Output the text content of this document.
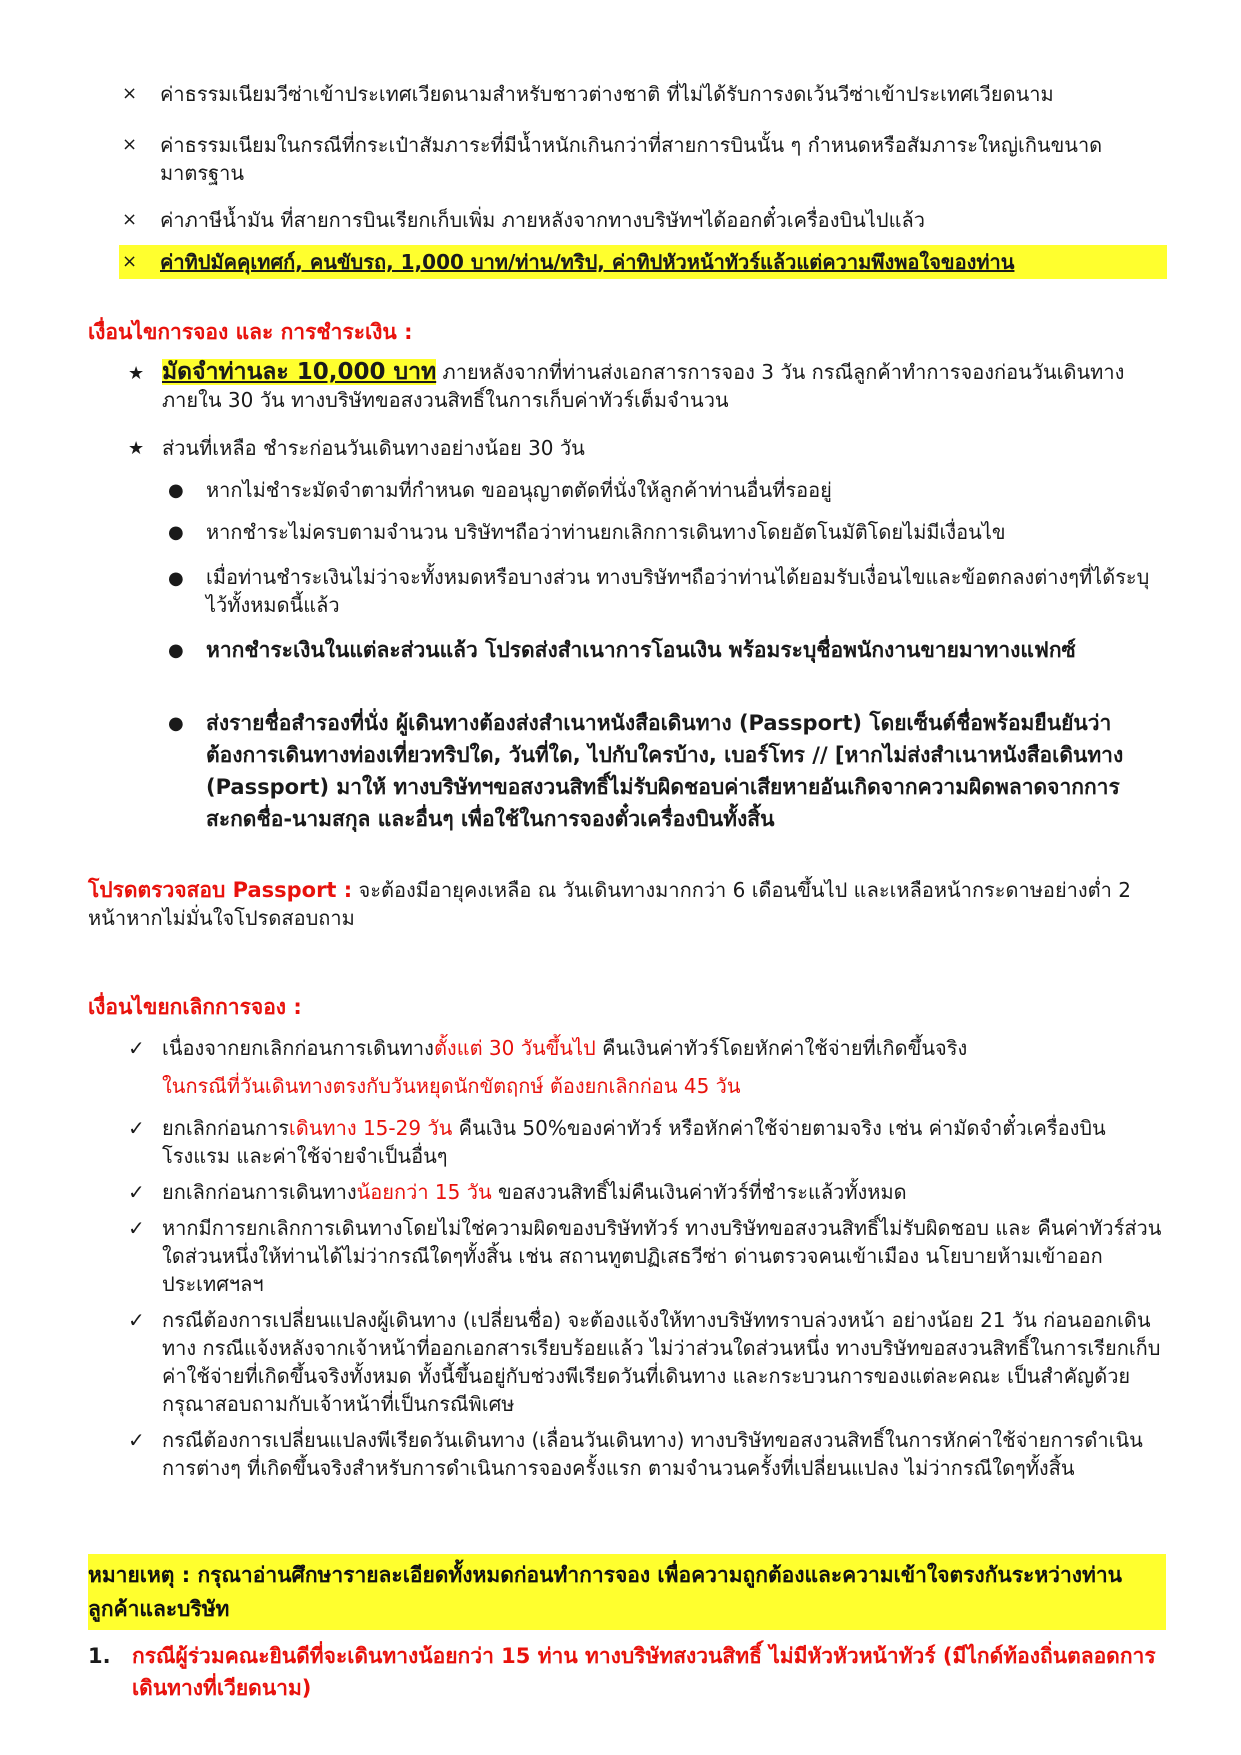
× ค่าธรรมเนียมวีซ่าเข้าประเทศเวียดนามสำหรับชาวต่างชาติ ที่ไม่ได้รับการงดเว้นวีซ่าเข้าประเทศเวียดนาม
× ค่าธรรมเนียมในกรณีที่กระเป๋าสัมภาระที่มีน้ำหนักเกินกว่าที่สายการบินนั้น ๆ กำหนดหรือสัมภาระใหญ่เกินขนาดมาตรฐาน
× ค่าภาษีน้ำมัน ที่สายการบินเรียกเก็บเพิ่ม ภายหลังจากทางบริษัทฯได้ออกตั๋วเครื่องบินไปแล้ว
× ค่าทิปมัคคุเทศก์, คนขับรถ, 1,000 บาท/ท่าน/ทริป, ค่าทิปหัวหน้าทัวร์แล้วแต่ความพึงพอใจของท่าน
เงื่อนไขการจอง และ การชำระเงิน :
★ มัดจำท่านละ 10,000 บาท ภายหลังจากที่ท่านส่งเอกสารการจอง 3 วัน กรณีลูกค้าทำการจองก่อนวันเดินทางภายใน 30 วัน ทางบริษัทขอสงวนสิทธิ์ในการเก็บค่าทัวร์เต็มจำนวน
★ ส่วนที่เหลือ ชำระก่อนวันเดินทางอย่างน้อย 30 วัน
● หากไม่ชำระมัดจำตามที่กำหนด ขออนุญาตตัดที่นั่งให้ลูกค้าท่านอื่นที่รออยู่
● หากชำระไม่ครบตามจำนวน บริษัทฯถือว่าท่านยกเลิกการเดินทางโดยอัตโนมัติโดยไม่มีเงื่อนไข
● เมื่อท่านชำระเงินไม่ว่าจะทั้งหมดหรือบางส่วน ทางบริษัทฯถือว่าท่านได้ยอมรับเงื่อนไขและข้อตกลงต่างๆที่ได้ระบุไว้ทั้งหมดนี้แล้ว
● หากชำระเงินในแต่ละส่วนแล้ว โปรดส่งสำเนาการโอนเงิน พร้อมระบุชื่อพนักงานขายมาทางแฟกซ์
● ส่งรายชื่อสำรองที่นั่ง ผู้เดินทางต้องส่งสำเนาหนังสือเดินทาง (Passport) โดยเซ็นต์ชื่อพร้อมยืนยันว่าต้องการเดินทางท่องเที่ยวทริปใด, วันที่ใด, ไปกับใครบ้าง, เบอร์โทร // [หากไม่ส่งสำเนาหนังสือเดินทาง (Passport) มาให้ ทางบริษัทฯขอสงวนสิทธิ์ไม่รับผิดชอบค่าเสียหายอันเกิดจากความผิดพลาดจากการสะกดชื่อ-นามสกุล และอื่นๆ เพื่อใช้ในการจองตั๋วเครื่องบินทั้งสิ้น
โปรดตรวจสอบ Passport : จะต้องมีอายุคงเหลือ ณ วันเดินทางมากกว่า 6 เดือนขึ้นไป และเหลือหน้ากระดาษอย่างต่ำ 2 หน้าหากไม่มั่นใจโปรดสอบถาม
เงื่อนไขยกเลิกการจอง :
✓ เนื่องจากยกเลิกก่อนการเดินทางตั้งแต่ 30 วันขึ้นไป คืนเงินค่าทัวร์โดยหักค่าใช้จ่ายที่เกิดขึ้นจริง
ในกรณีที่วันเดินทางตรงกับวันหยุดนักขัตฤกษ์ ต้องยกเลิกก่อน 45 วัน
✓ ยกเลิกก่อนการเดินทาง 15-29 วัน คืนเงิน 50%ของค่าทัวร์ หรือหักค่าใช้จ่ายตามจริง เช่น ค่ามัดจำตั๋วเครื่องบิน โรงแรม และค่าใช้จ่ายจำเป็นอื่นๆ
✓ ยกเลิกก่อนการเดินทางน้อยกว่า 15 วัน ขอสงวนสิทธิ์ไม่คืนเงินค่าทัวร์ที่ชำระแล้วทั้งหมด
✓ หากมีการยกเลิกการเดินทางโดยไม่ใช่ความผิดของบริษัททัวร์ ทางบริษัทขอสงวนสิทธิ์ไม่รับผิดชอบ และ คืนค่าทัวร์ส่วนใดส่วนหนึ่งให้ท่านได้ไม่ว่ากรณีใดๆทั้งสิ้น เช่น สถานทูตปฏิเสธวีซ่า ด่านตรวจคนเข้าเมือง นโยบายห้ามเข้าออกประเทศฯลฯ
✓ กรณีต้องการเปลี่ยนแปลงผู้เดินทาง (เปลี่ยนชื่อ) จะต้องแจ้งให้ทางบริษัททราบล่วงหน้า อย่างน้อย 21 วัน ก่อนออกเดินทาง กรณีแจ้งหลังจากเจ้าหน้าที่ออกเอกสารเรียบร้อยแล้ว ไม่ว่าส่วนใดส่วนหนึ่ง ทางบริษัทขอสงวนสิทธิ์ในการเรียกเก็บค่าใช้จ่ายที่เกิดขึ้นจริงทั้งหมด ทั้งนี้ขึ้นอยู่กับช่วงพีเรียดวันที่เดินทาง และกระบวนการของแต่ละคณะ เป็นสำคัญด้วย กรุณาสอบถามกับเจ้าหน้าที่เป็นกรณีพิเศษ
✓ กรณีต้องการเปลี่ยนแปลงพีเรียดวันเดินทาง (เลื่อนวันเดินทาง) ทางบริษัทขอสงวนสิทธิ์ในการหักค่าใช้จ่ายการดำเนินการต่างๆ ที่เกิดขึ้นจริงสำหรับการดำเนินการจองครั้งแรก ตามจำนวนครั้งที่เปลี่ยนแปลง ไม่ว่ากรณีใดๆทั้งสิ้น
หมายเหตุ : กรุณาอ่านศึกษารายละเอียดทั้งหมดก่อนทำการจอง เพื่อความถูกต้องและความเข้าใจตรงกันระหว่างท่านลูกค้าและบริษัท
1. กรณีผู้ร่วมคณะยินดีที่จะเดินทางน้อยกว่า 15 ท่าน ทางบริษัทสงวนสิทธิ์ ไม่มีหัวหัวหน้าทัวร์ (มีไกด์ท้องถิ่นตลอดการเดินทางที่เวียดนาม)
